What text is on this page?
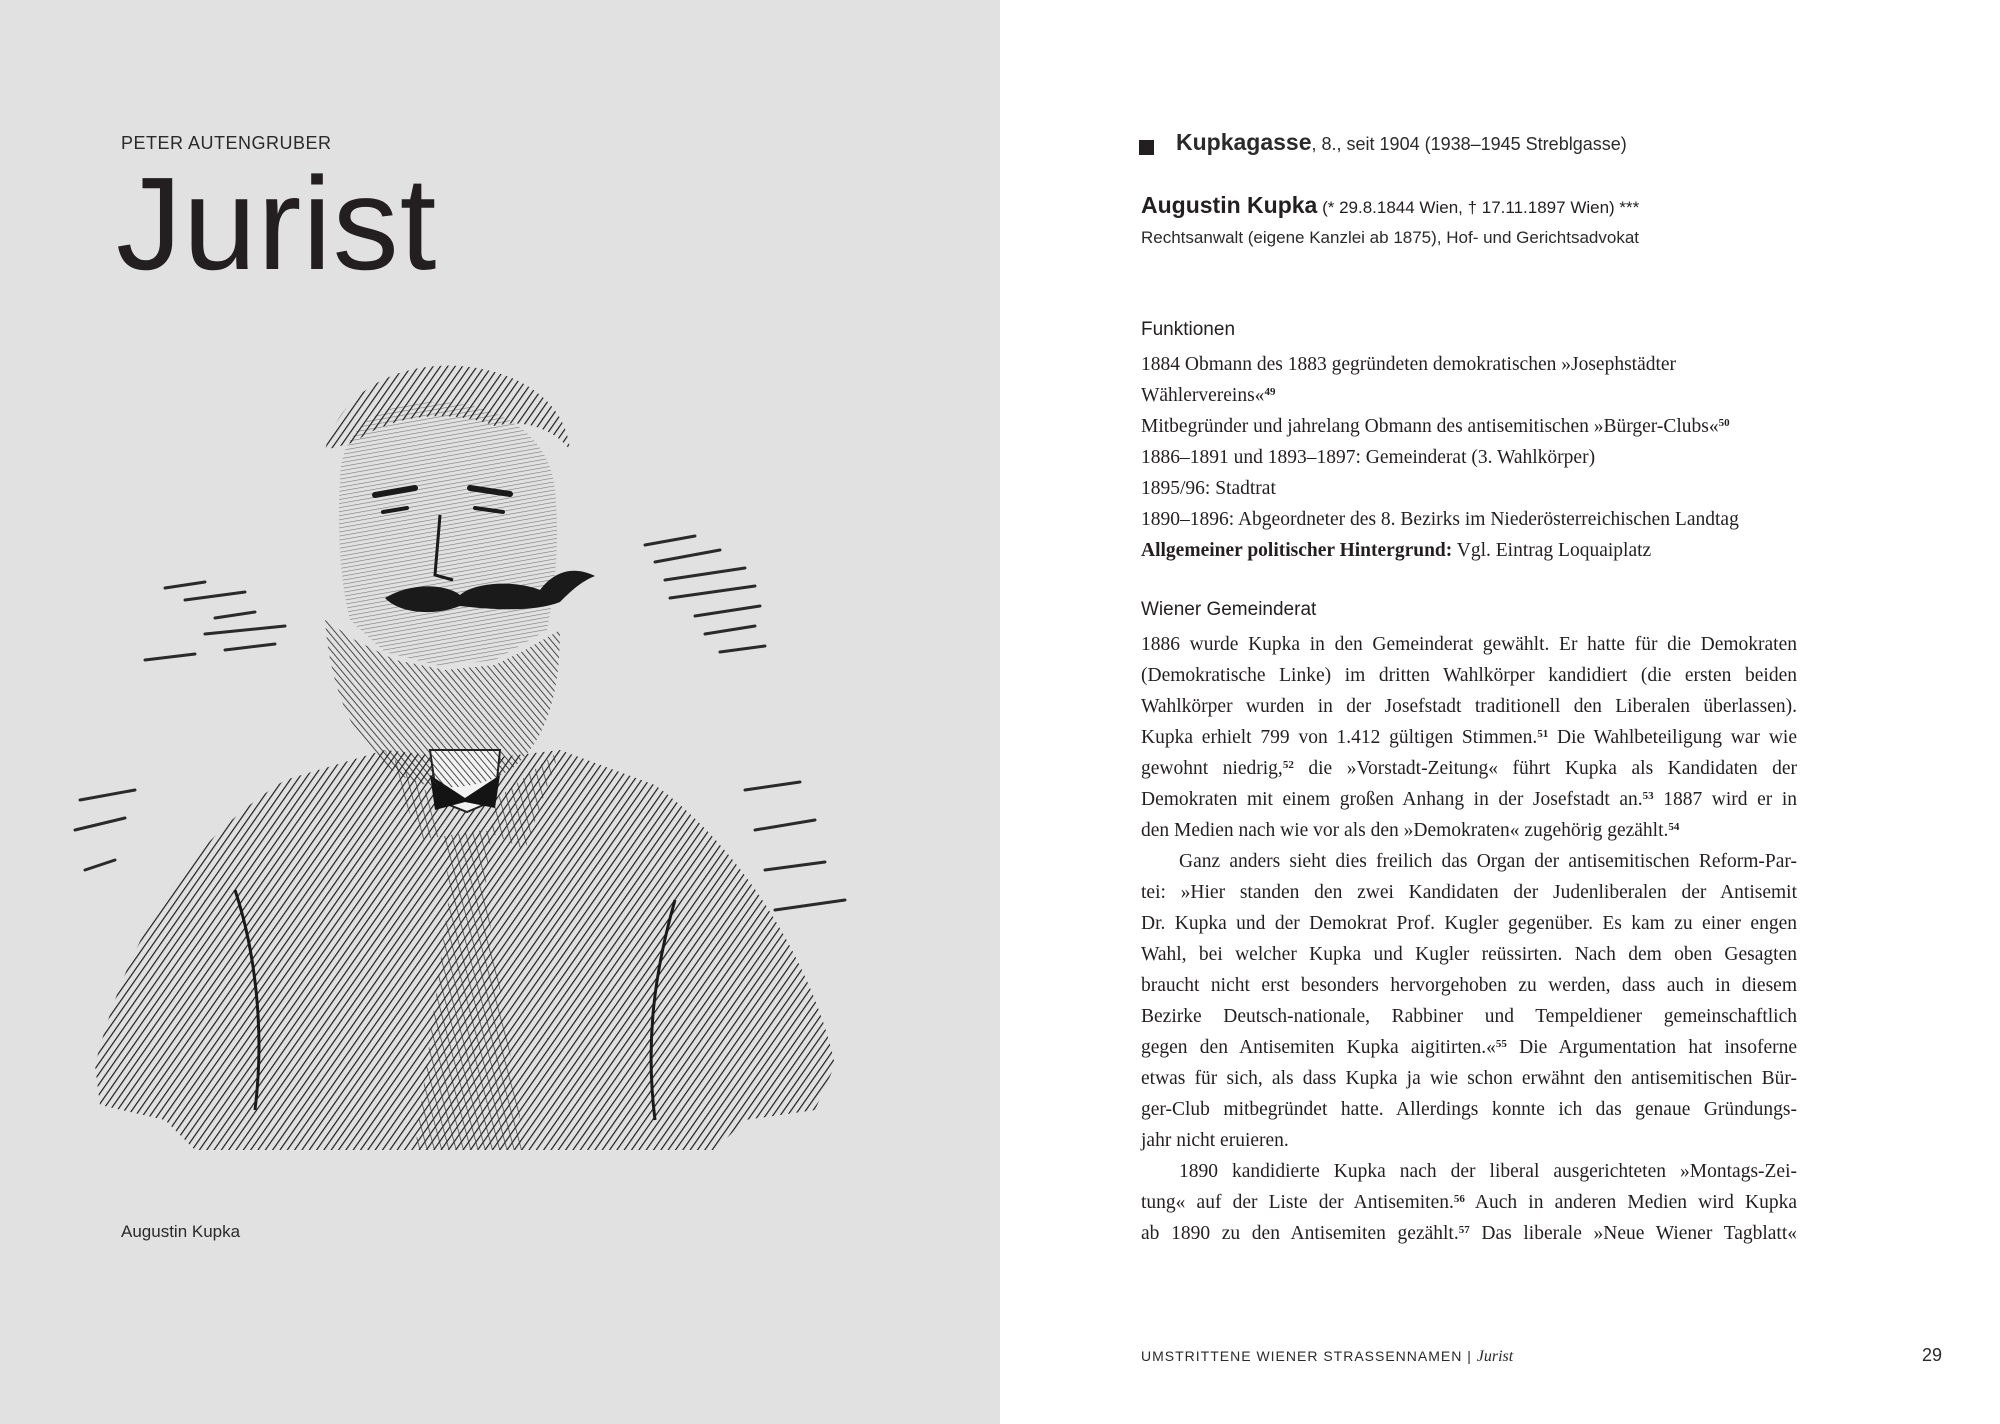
PETER AUTENGRUBER
Jurist
Augustin Kupka
Kupkagasse, 8., seit 1904 (1938–1945 Streblgasse)
Augustin Kupka (* 29.8.1844 Wien, † 17.11.1897 Wien) ***
Rechtsanwalt (eigene Kanzlei ab 1875), Hof- und Gerichtsadvokat
Funktionen
1884 Obmann des 1883 gegründeten demokratischen »Josephstädter
Wählervereins«$^{49}$
Mitbegründer und jahrelang Obmann des antisemitischen »Bürger-Clubs«$^{50}$
1886–1891 und 1893–1897: Gemeinderat (3. Wahlkörper)
1895/96: Stadtrat
1890–1896: Abgeordneter des 8. Bezirks im Niederösterreichischen Landtag
Allgemeiner politischer Hintergrund: Vgl. Eintrag Loquaiplatz
Wiener Gemeinderat
1886 wurde Kupka in den Gemeinderat gewählt. Er hatte für die Demokraten
(Demokratische Linke) im dritten Wahlkörper kandidiert (die ersten beiden
Wahlkörper wurden in der Josefstadt traditionell den Liberalen überlassen).
Kupka erhielt 799 von 1.412 gültigen Stimmen.$^{51}$ Die Wahlbeteiligung war wie
gewohnt niedrig,$^{52}$ die »Vorstadt-Zeitung« führt Kupka als Kandidaten der
Demokraten mit einem großen Anhang in der Josefstadt an.$^{53}$ 1887 wird er in
den Medien nach wie vor als den »Demokraten« zugehörig gezählt.$^{54}$
Ganz anders sieht dies freilich das Organ der antisemitischen Reform-Par-
tei: »Hier standen den zwei Kandidaten der Judenliberalen der Antisemit
Dr. Kupka und der Demokrat Prof. Kugler gegenüber. Es kam zu einer engen
Wahl, bei welcher Kupka und Kugler reüssirten. Nach dem oben Gesagten
braucht nicht erst besonders hervorgehoben zu werden, dass auch in diesem
Bezirke Deutsch-nationale, Rabbiner und Tempeldiener gemeinschaftlich
gegen den Antisemiten Kupka aigitirten.«$^{55}$ Die Argumentation hat insoferne
etwas für sich, als dass Kupka ja wie schon erwähnt den antisemitischen Bür-
ger-Club mitbegründet hatte. Allerdings konnte ich das genaue Gründungs-
jahr nicht eruieren.
1890 kandidierte Kupka nach der liberal ausgerichteten »Montags-Zei-
tung« auf der Liste der Antisemiten.$^{56}$ Auch in anderen Medien wird Kupka
ab 1890 zu den Antisemiten gezählt.$^{57}$ Das liberale »Neue Wiener Tagblatt«
UMSTRITTENE WIENER STRASSENNAMEN | Jurist	29
